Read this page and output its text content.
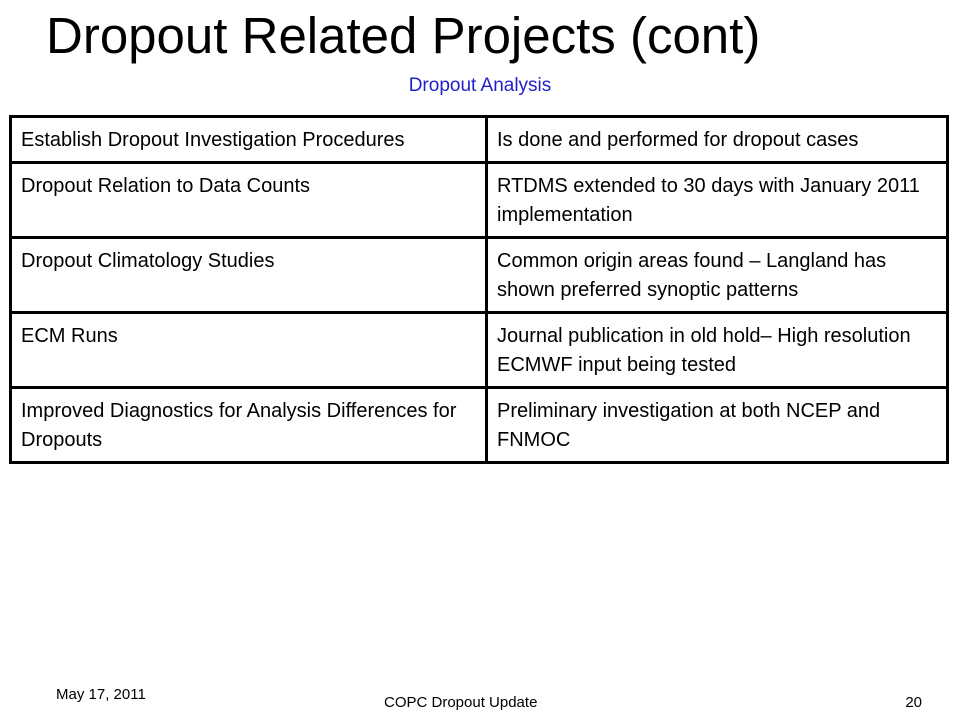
Dropout Related Projects (cont)
Dropout Analysis
Establish Dropout Investigation Procedures	Is done and performed for dropout cases
Dropout Relation to Data Counts	RTDMS extended to 30 days with January 2011 implementation
Dropout Climatology Studies	Common origin areas found – Langland has shown preferred synoptic patterns
ECM Runs	Journal publication in old hold– High resolution ECMWF input being tested
Improved Diagnostics for Analysis Differences for Dropouts	Preliminary investigation at both NCEP and FNMOC
May 17, 2011	COPC Dropout Update	20
